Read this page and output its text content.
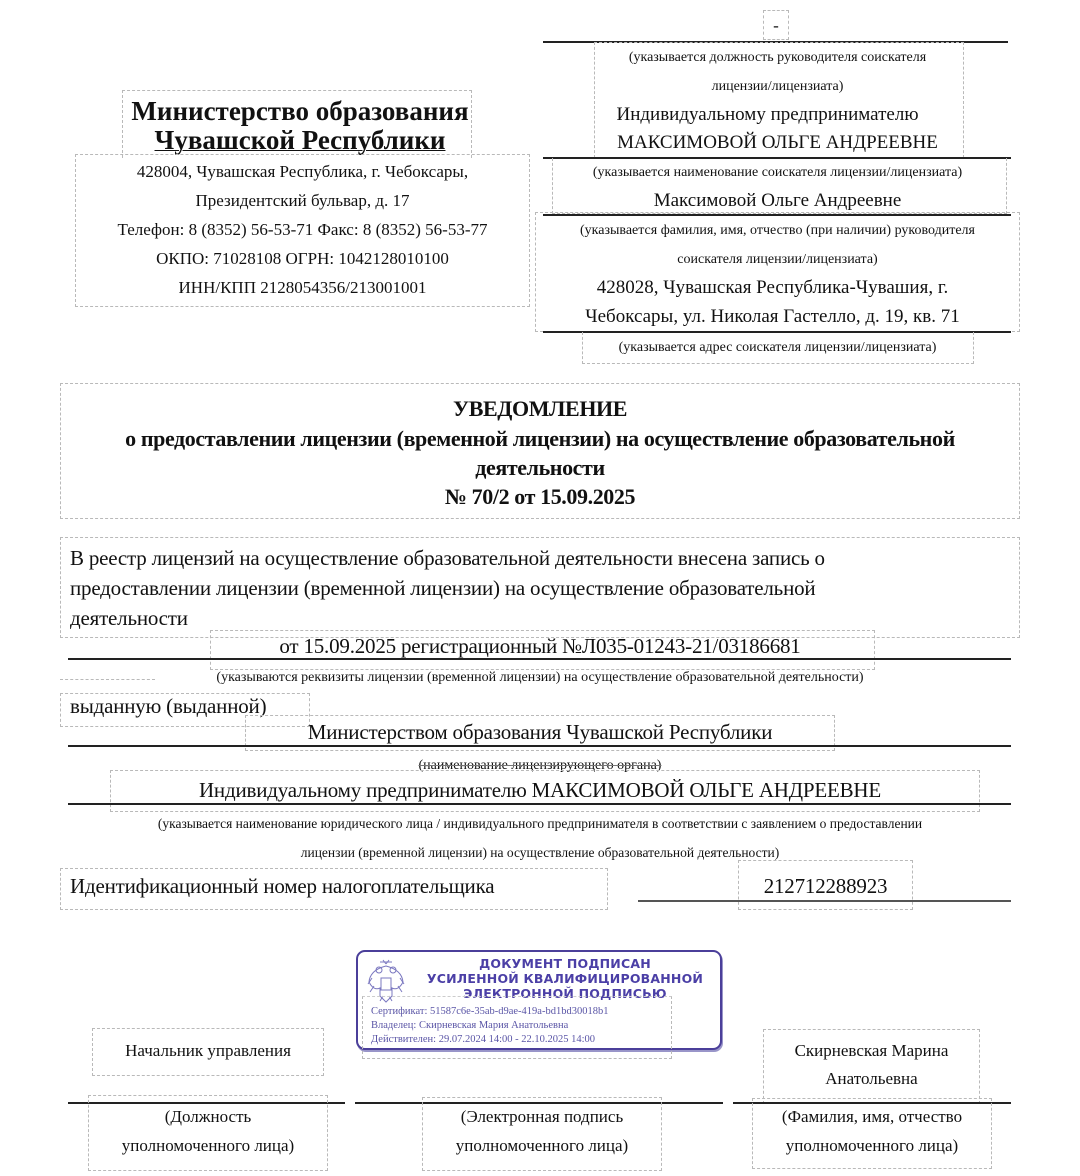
-
(указывается должность руководителя соискателя
лицензии/лицензиата)
Индивидуальному предпринимателю
МАКСИМОВОЙ ОЛЬГЕ АНДРЕЕВНЕ
(указывается наименование соискателя лицензии/лицензиата)
Максимовой Ольге Андреевне
(указывается фамилия, имя, отчество (при наличии) руководителя
соискателя лицензии/лицензиата)
428028, Чувашская Республика-Чувашия, г.
Чебоксары, ул. Николая Гастелло, д. 19, кв. 71
(указывается адрес соискателя лицензии/лицензиата)
Министерство образования
Чувашской Республики
428004, Чувашская Республика, г. Чебоксары,
Президентский бульвар, д. 17
Телефон: 8 (8352) 56-53-71 Факс: 8 (8352) 56-53-77
ОКПО: 71028108 ОГРН: 1042128010100
ИНН/КПП 2128054356/213001001
УВЕДОМЛЕНИЕ
о предоставлении лицензии (временной лицензии) на осуществление образовательной
деятельности
№ 70/2 от 15.09.2025
В реестр лицензий на осуществление образовательной деятельности внесена запись о
предоставлении лицензии (временной лицензии) на осуществление образовательной
деятельности
от 15.09.2025 регистрационный №Л035-01243-21/03186681
(указываются реквизиты лицензии (временной лицензии) на осуществление образовательной деятельности)
выданную (выданной)
Министерством образования Чувашской Республики
(наименование лицензирующего органа)
Индивидуальному предпринимателю МАКСИМОВОЙ ОЛЬГЕ АНДРЕЕВНЕ
(указывается наименование юридического лица / индивидуального предпринимателя в соответствии с заявлением о предоставлении
лицензии (временной лицензии) на осуществление образовательной деятельности)
Идентификационный номер налогоплательщика	212712288923
ДОКУМЕНТ ПОДПИСАН
УСИЛЕННОЙ КВАЛИФИЦИРОВАННОЙ
ЭЛЕКТРОННОЙ ПОДПИСЬЮ
Сертификат: 51587c6e-35ab-d9ae-419a-bd1bd30018b1
Владелец: Скирневская Мария Анатольевна
Действителен: 29.07.2024 14:00 - 22.10.2025 14:00
Начальник управления	Скирневская Марина
Анатольевна
(Должность
уполномоченного лица)
(Электронная подпись
уполномоченного лица)
(Фамилия, имя, отчество
уполномоченного лица)
